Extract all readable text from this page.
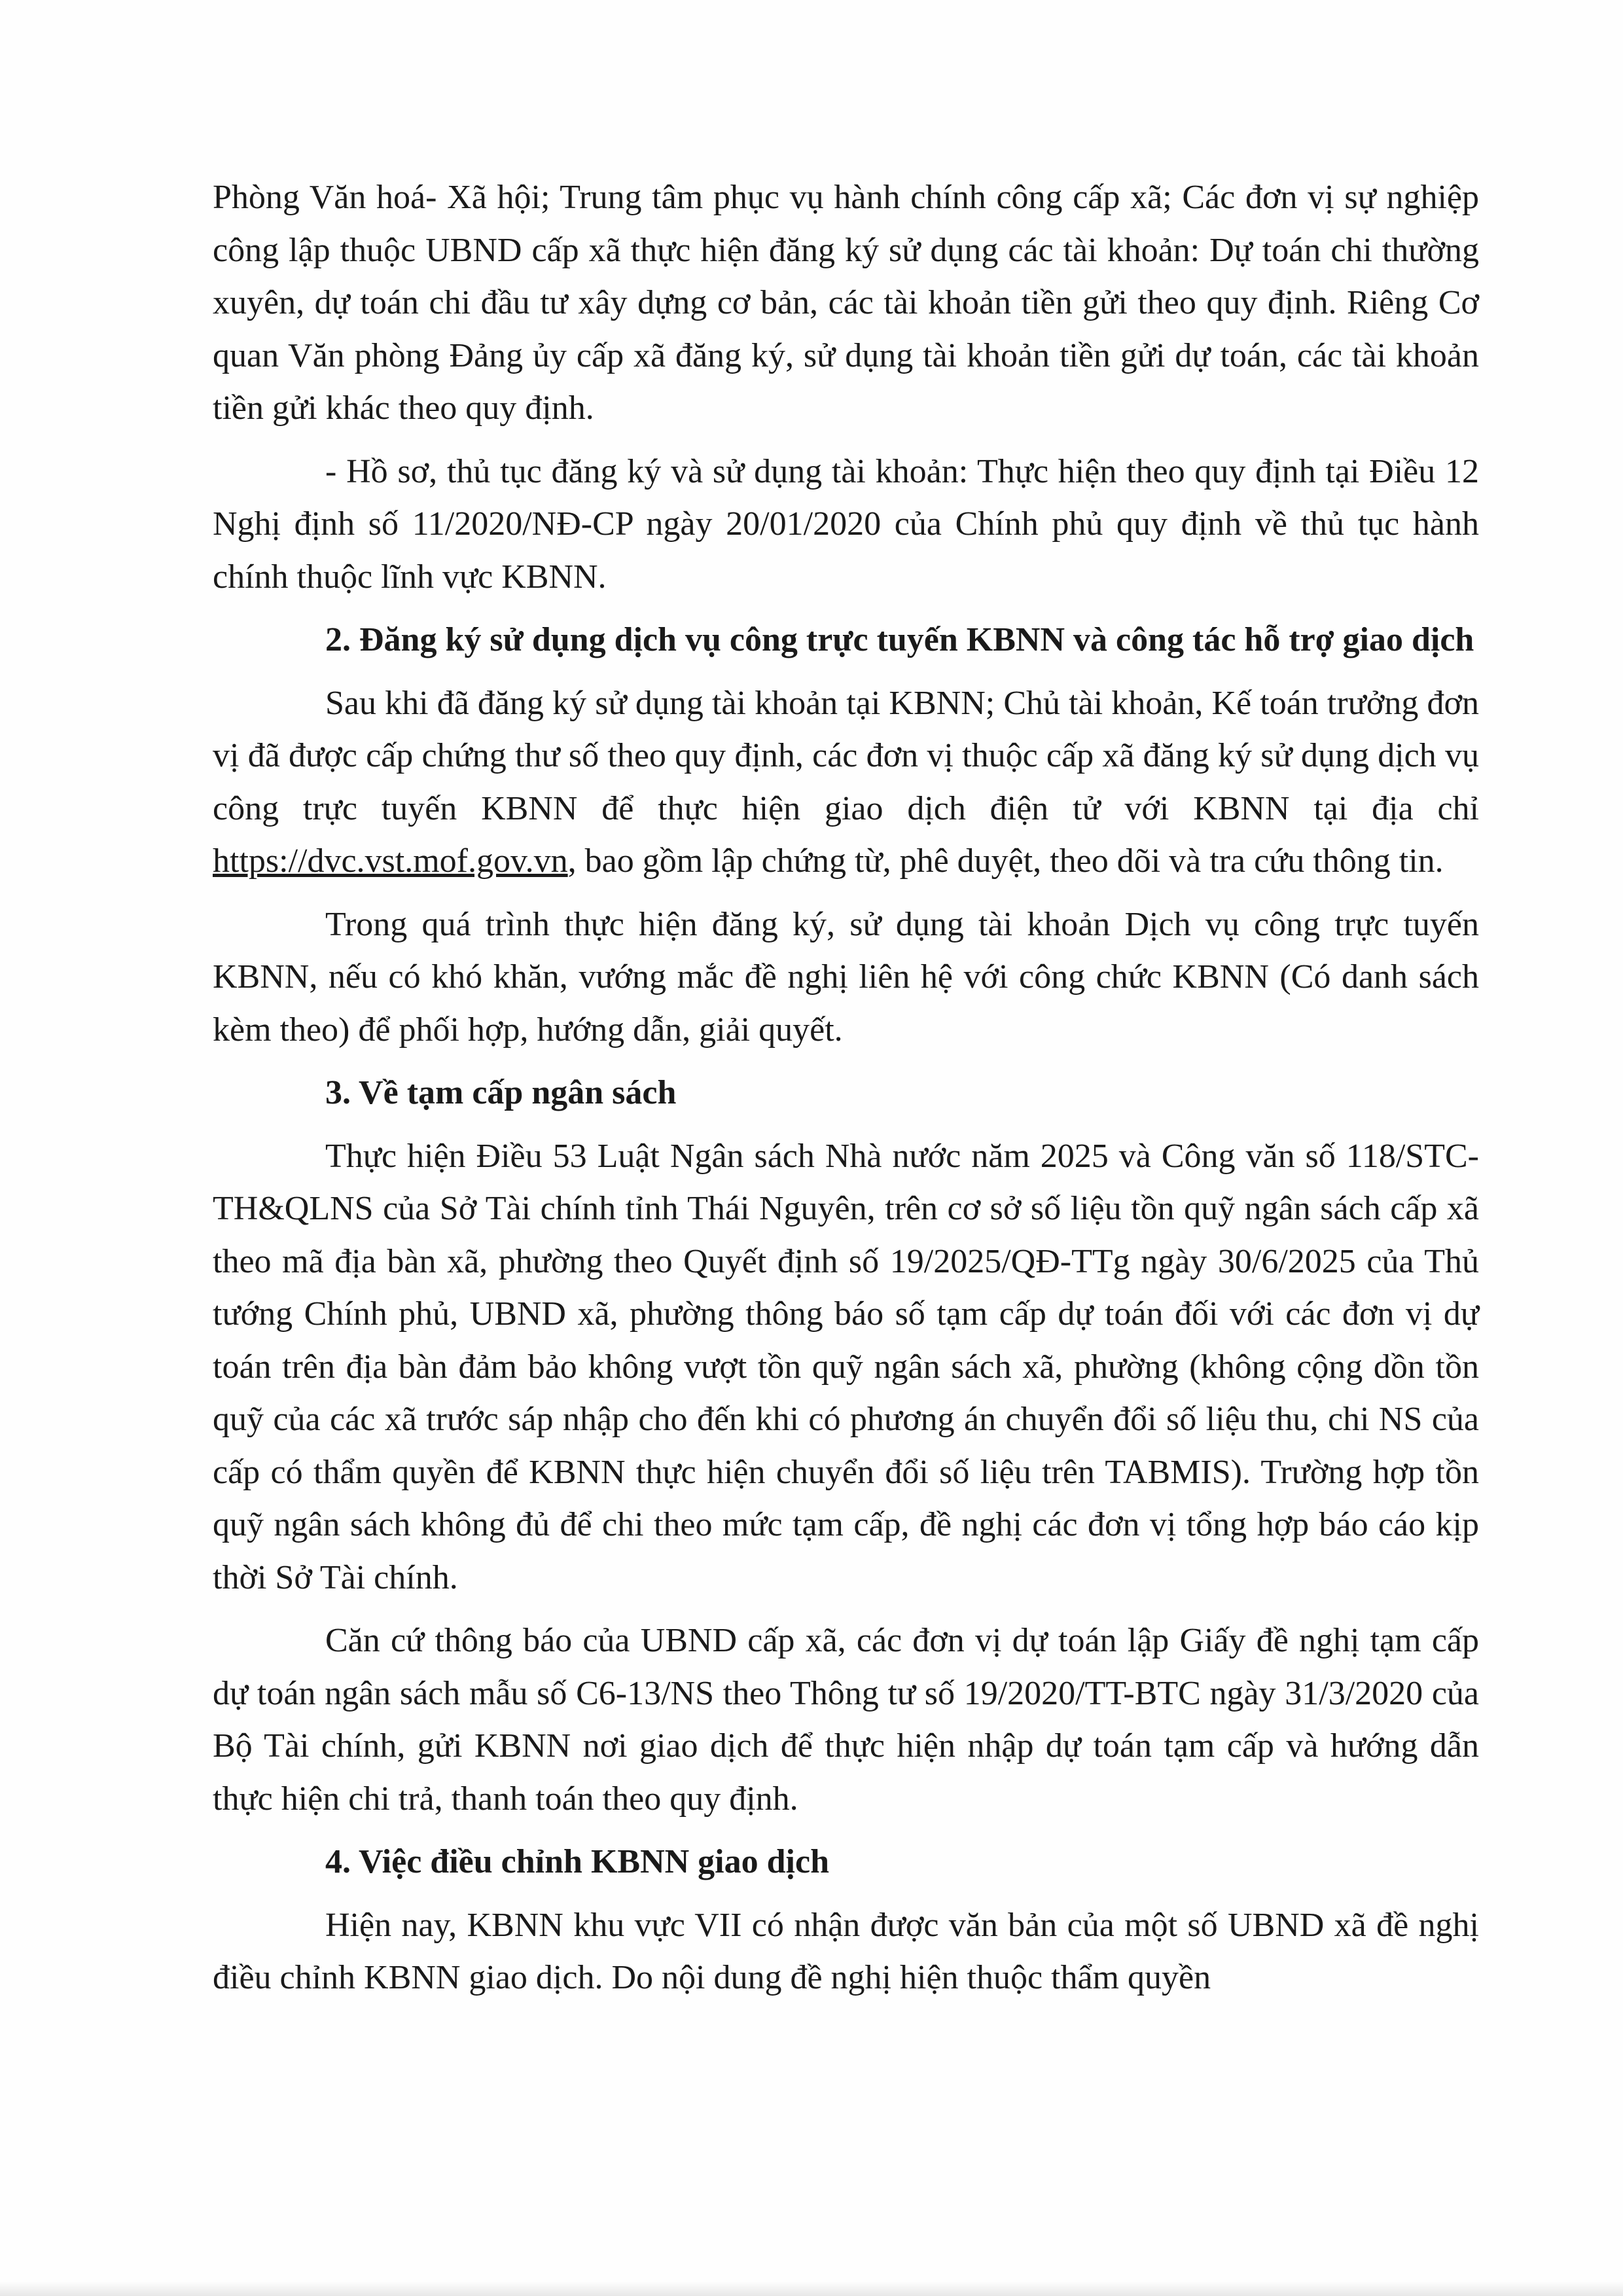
Phòng Văn hoá- Xã hội; Trung tâm phục vụ hành chính công cấp xã; Các đơn vị sự nghiệp công lập thuộc UBND cấp xã thực hiện đăng ký sử dụng các tài khoản: Dự toán chi thường xuyên, dự toán chi đầu tư xây dựng cơ bản, các tài khoản tiền gửi theo quy định. Riêng Cơ quan Văn phòng Đảng ủy cấp xã đăng ký, sử dụng tài khoản tiền gửi dự toán, các tài khoản tiền gửi khác theo quy định.

- Hồ sơ, thủ tục đăng ký và sử dụng tài khoản: Thực hiện theo quy định tại Điều 12 Nghị định số 11/2020/NĐ-CP ngày 20/01/2020 của Chính phủ quy định về thủ tục hành chính thuộc lĩnh vực KBNN.

2. Đăng ký sử dụng dịch vụ công trực tuyến KBNN và công tác hỗ trợ giao dịch

Sau khi đã đăng ký sử dụng tài khoản tại KBNN; Chủ tài khoản, Kế toán trưởng đơn vị đã được cấp chứng thư số theo quy định, các đơn vị thuộc cấp xã đăng ký sử dụng dịch vụ công trực tuyến KBNN để thực hiện giao dịch điện tử với KBNN tại địa chỉ https://dvc.vst.mof.gov.vn, bao gồm lập chứng từ, phê duyệt, theo dõi và tra cứu thông tin.

Trong quá trình thực hiện đăng ký, sử dụng tài khoản Dịch vụ công trực tuyến KBNN, nếu có khó khăn, vướng mắc đề nghị liên hệ với công chức KBNN (Có danh sách kèm theo) để phối hợp, hướng dẫn, giải quyết.

3. Về tạm cấp ngân sách

Thực hiện Điều 53 Luật Ngân sách Nhà nước năm 2025 và Công văn số 118/STC-TH&QLNS của Sở Tài chính tỉnh Thái Nguyên, trên cơ sở số liệu tồn quỹ ngân sách cấp xã theo mã địa bàn xã, phường theo Quyết định số 19/2025/QĐ-TTg ngày 30/6/2025 của Thủ tướng Chính phủ, UBND xã, phường thông báo số tạm cấp dự toán đối với các đơn vị dự toán trên địa bàn đảm bảo không vượt tồn quỹ ngân sách xã, phường (không cộng dồn tồn quỹ của các xã trước sáp nhập cho đến khi có phương án chuyển đổi số liệu thu, chi NS của cấp có thẩm quyền để KBNN thực hiện chuyển đổi số liệu trên TABMIS). Trường hợp tồn quỹ ngân sách không đủ để chi theo mức tạm cấp, đề nghị các đơn vị tổng hợp báo cáo kịp thời Sở Tài chính.

Căn cứ thông báo của UBND cấp xã, các đơn vị dự toán lập Giấy đề nghị tạm cấp dự toán ngân sách mẫu số C6-13/NS theo Thông tư số 19/2020/TT-BTC ngày 31/3/2020 của Bộ Tài chính, gửi KBNN nơi giao dịch để thực hiện nhập dự toán tạm cấp và hướng dẫn thực hiện chi trả, thanh toán theo quy định.

4. Việc điều chỉnh KBNN giao dịch

Hiện nay, KBNN khu vực VII có nhận được văn bản của một số UBND xã đề nghị điều chỉnh KBNN giao dịch. Do nội dung đề nghị hiện thuộc thẩm quyền
